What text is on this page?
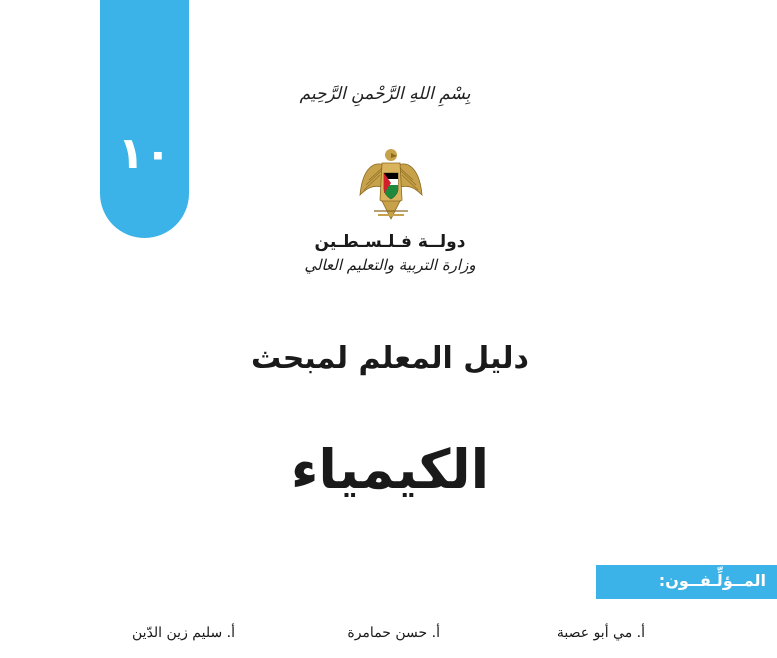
١٠
بِسْمِ اللهِ الرَّحْمنِ الرَّحِيم
دولــة فـلـسـطـين
وزارة التربية والتعليم العالي
دليل المعلم لمبحث
الكيمياء
المــؤلِّـفــون:
أ. مي أبو عصبة
أ. حسن حمامرة
أ. سليم زين الدّين
